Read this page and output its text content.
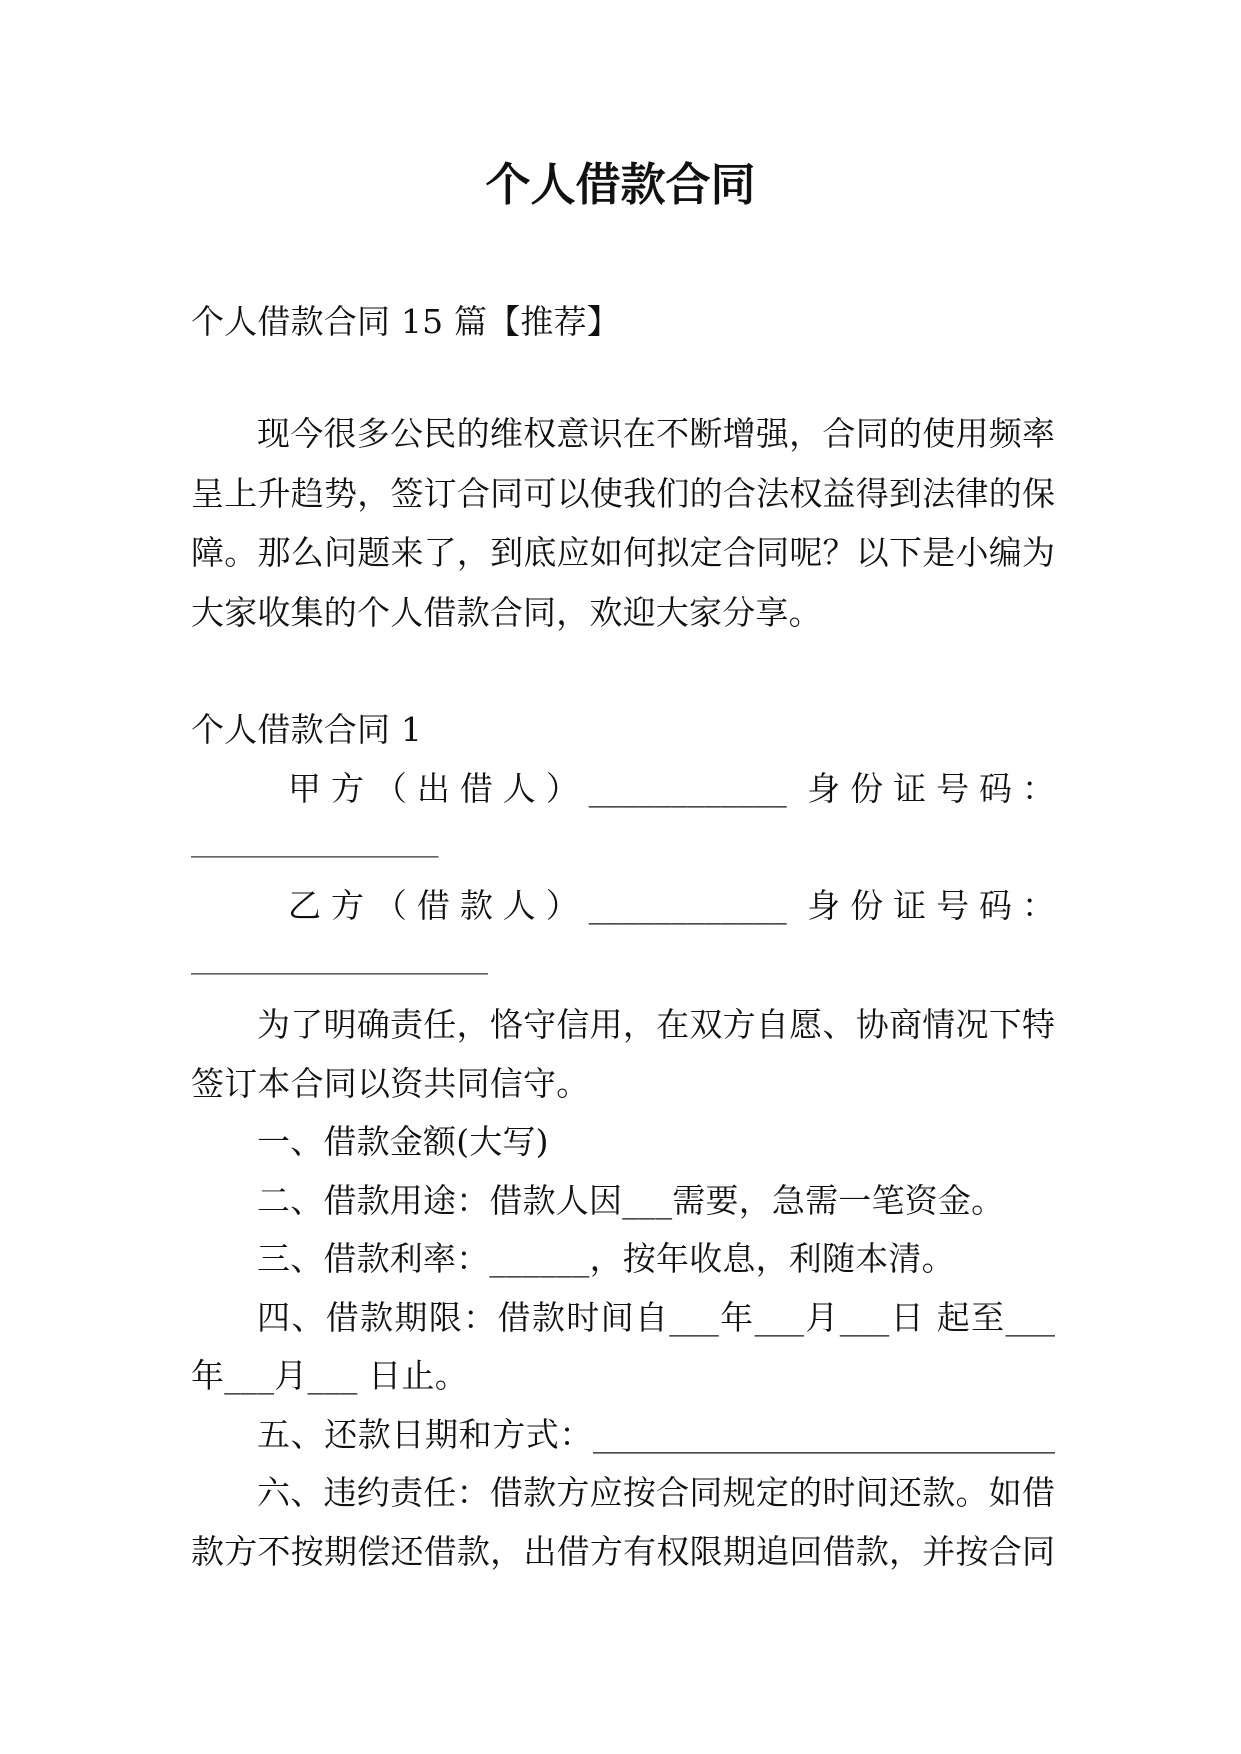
个人借款合同
个人借款合同 15 篇【推荐】
现今很多公民的维权意识在不断增强，合同的使用频率
呈上升趋势，签订合同可以使我们的合法权益得到法律的保
障。那么问题来了，到底应如何拟定合同呢？以下是小编为
大家收集的个人借款合同，欢迎大家分享。
个人借款合同 1
甲方（出借人）____________ 身份证号码：
_______________
乙方（借款人）____________ 身份证号码：
__________________
为了明确责任，恪守信用，在双方自愿、协商情况下特
签订本合同以资共同信守。
一、借款金额(大写)
二、借款用途：借款人因___需要，急需一笔资金。
三、借款利率：______，按年收息，利随本清。
四、借款期限：借款时间自___年___月___日 起至___
年___月___ 日止。
五、还款日期和方式：____________________________
六、违约责任：借款方应按合同规定的时间还款。如借
款方不按期偿还借款，出借方有权限期追回借款，并按合同
